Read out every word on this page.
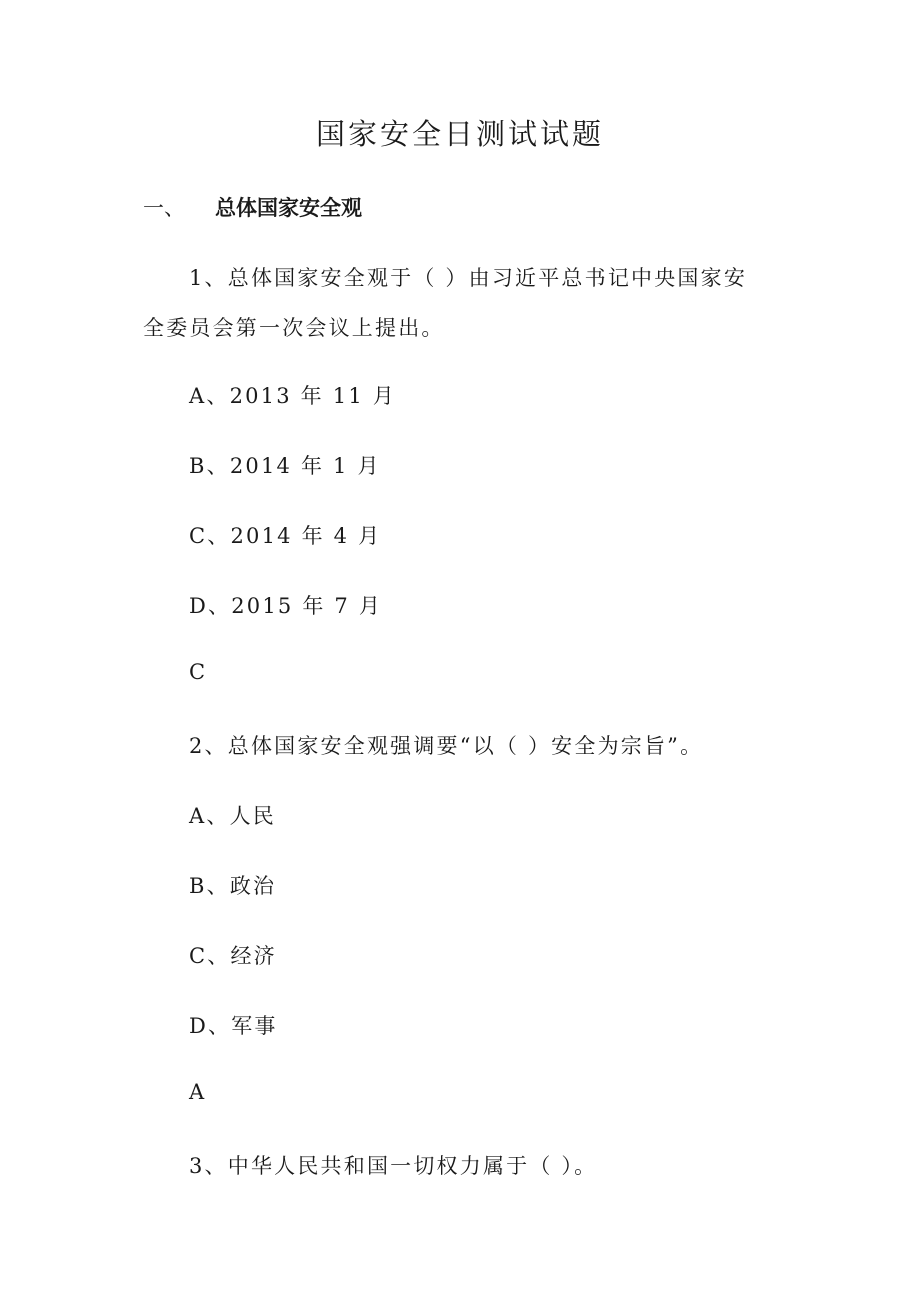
国家安全日测试试题
一、 总体国家安全观
1、总体国家安全观于（ ）由习近平总书记中央国家安
全委员会第一次会议上提出。
A、2013 年 11 月
B、2014 年 1 月
C、2014 年 4 月
D、2015 年 7 月
C
2、总体国家安全观强调要“以（ ）安全为宗旨”。
A、人民
B、政治
C、经济
D、军事
A
3、中华人民共和国一切权力属于（ ）。
